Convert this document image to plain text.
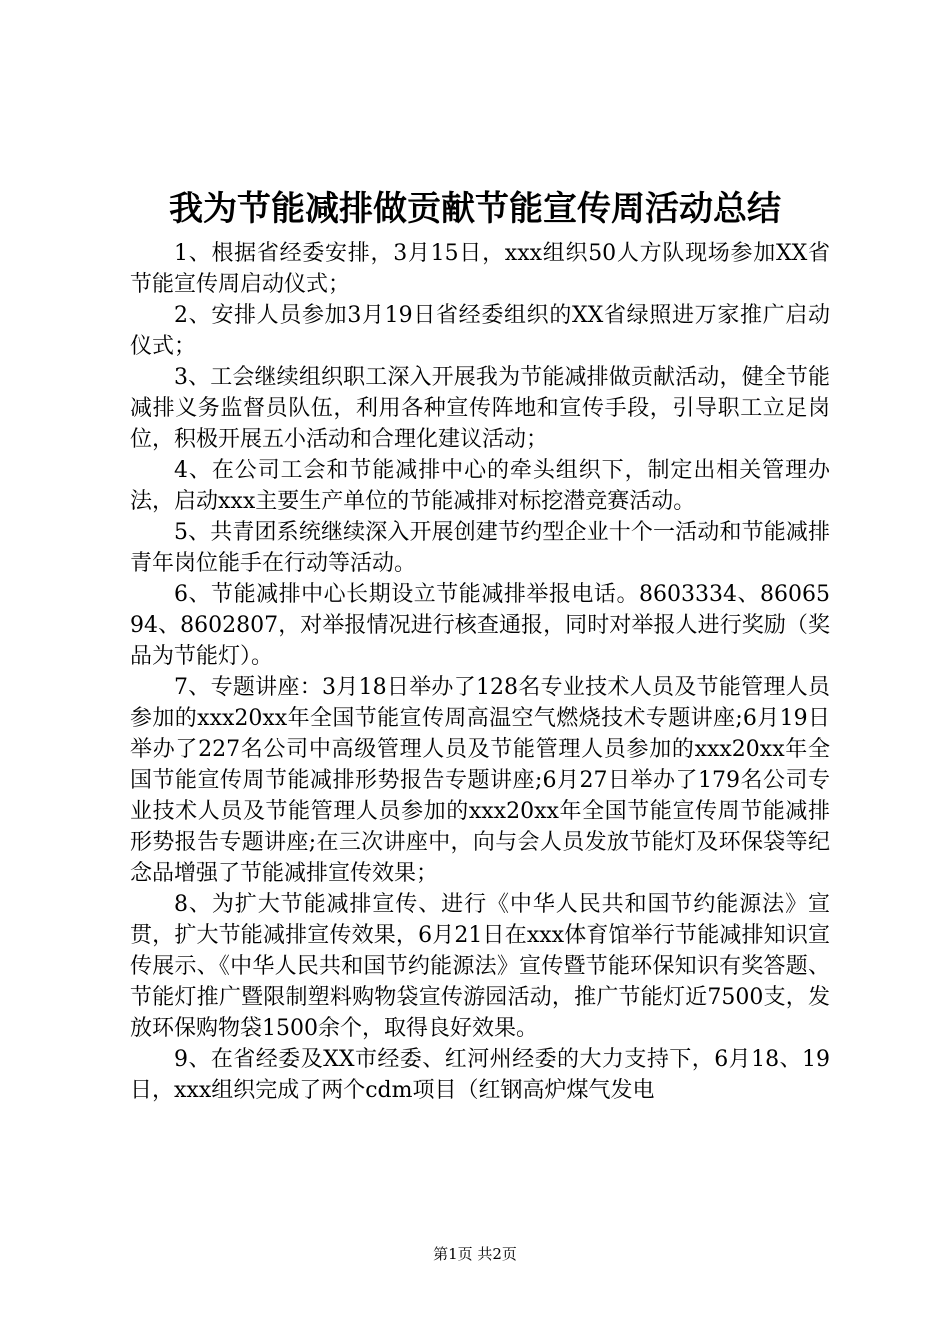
我为节能减排做贡献节能宣传周活动总结

1、根据省经委安排，3月15日，xxx组织50人方队现场参加XX省节能宣传周启动仪式；

2、安排人员参加3月19日省经委组织的XX省绿照进万家推广启动仪式；

3、工会继续组织职工深入开展我为节能减排做贡献活动，健全节能减排义务监督员队伍，利用各种宣传阵地和宣传手段，引导职工立足岗位，积极开展五小活动和合理化建议活动；

4、在公司工会和节能减排中心的牵头组织下，制定出相关管理办法，启动xxx主要生产单位的节能减排对标挖潜竞赛活动。

5、共青团系统继续深入开展创建节约型企业十个一活动和节能减排青年岗位能手在行动等活动。

6、节能减排中心长期设立节能减排举报电话。8603334、8606594、8602807，对举报情况进行核查通报，同时对举报人进行奖励（奖品为节能灯）。

7、专题讲座：3月18日举办了128名专业技术人员及节能管理人员参加的xxx20xx年全国节能宣传周高温空气燃烧技术专题讲座;6月19日举办了227名公司中高级管理人员及节能管理人员参加的xxx20xx年全国节能宣传周节能减排形势报告专题讲座;6月27日举办了179名公司专业技术人员及节能管理人员参加的xxx20xx年全国节能宣传周节能减排形势报告专题讲座;在三次讲座中，向与会人员发放节能灯及环保袋等纪念品增强了节能减排宣传效果；

8、为扩大节能减排宣传、进行《中华人民共和国节约能源法》宣贯，扩大节能减排宣传效果，6月21日在xxx体育馆举行节能减排知识宣传展示、《中华人民共和国节约能源法》宣传暨节能环保知识有奖答题、节能灯推广暨限制塑料购物袋宣传游园活动，推广节能灯近7500支，发放环保购物袋1500余个，取得良好效果。

9、在省经委及XX市经委、红河州经委的大力支持下，6月18、19日，xxx组织完成了两个cdm项目（红钢高炉煤气发电

第1页 共2页
